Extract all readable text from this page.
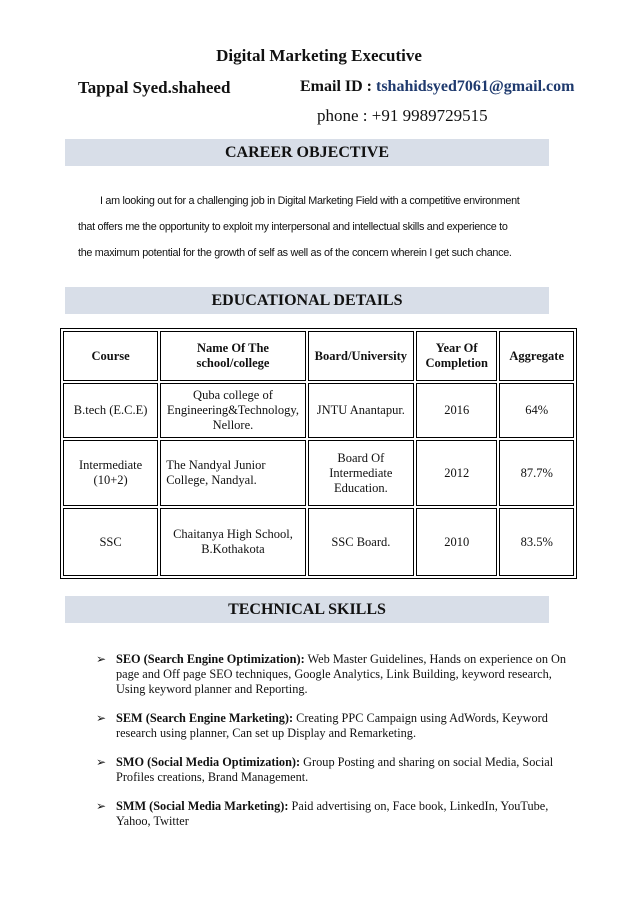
Digital Marketing Executive
Tappal Syed.shaheed	Email ID : tshahidsyed7061@gmail.com
phone : +91 9989729515
CAREER OBJECTIVE

I am looking out for a challenging job in Digital Marketing Field with a competitive environment

that offers me the opportunity to exploit my interpersonal and intellectual skills and experience to

the maximum potential for the growth of self as well as of the concern wherein I get such chance.

EDUCATIONAL DETAILS
Course	Name Of The school/college	Board/University	Year Of Completion	Aggregate
B.tech (E.C.E)	Quba college of Engineering&Technology, Nellore.	JNTU Anantapur.	2016	64%
Intermediate (10+2)	The Nandyal Junior College, Nandyal.	Board Of Intermediate Education.	2012	87.7%
SSC	Chaitanya High School, B.Kothakota	SSC Board.	2010	83.5%
TECHNICAL SKILLS
➢ SEO (Search Engine Optimization): Web Master Guidelines, Hands on experience on On page and Off page SEO techniques, Google Analytics, Link Building, keyword research, Using keyword planner and Reporting.
➢ SEM (Search Engine Marketing): Creating PPC Campaign using AdWords, Keyword research using planner, Can set up Display and Remarketing.
➢ SMO (Social Media Optimization): Group Posting and sharing on social Media, Social Profiles creations, Brand Management.
➢ SMM (Social Media Marketing): Paid advertising on, Face book, LinkedIn, YouTube, Yahoo, Twitter
